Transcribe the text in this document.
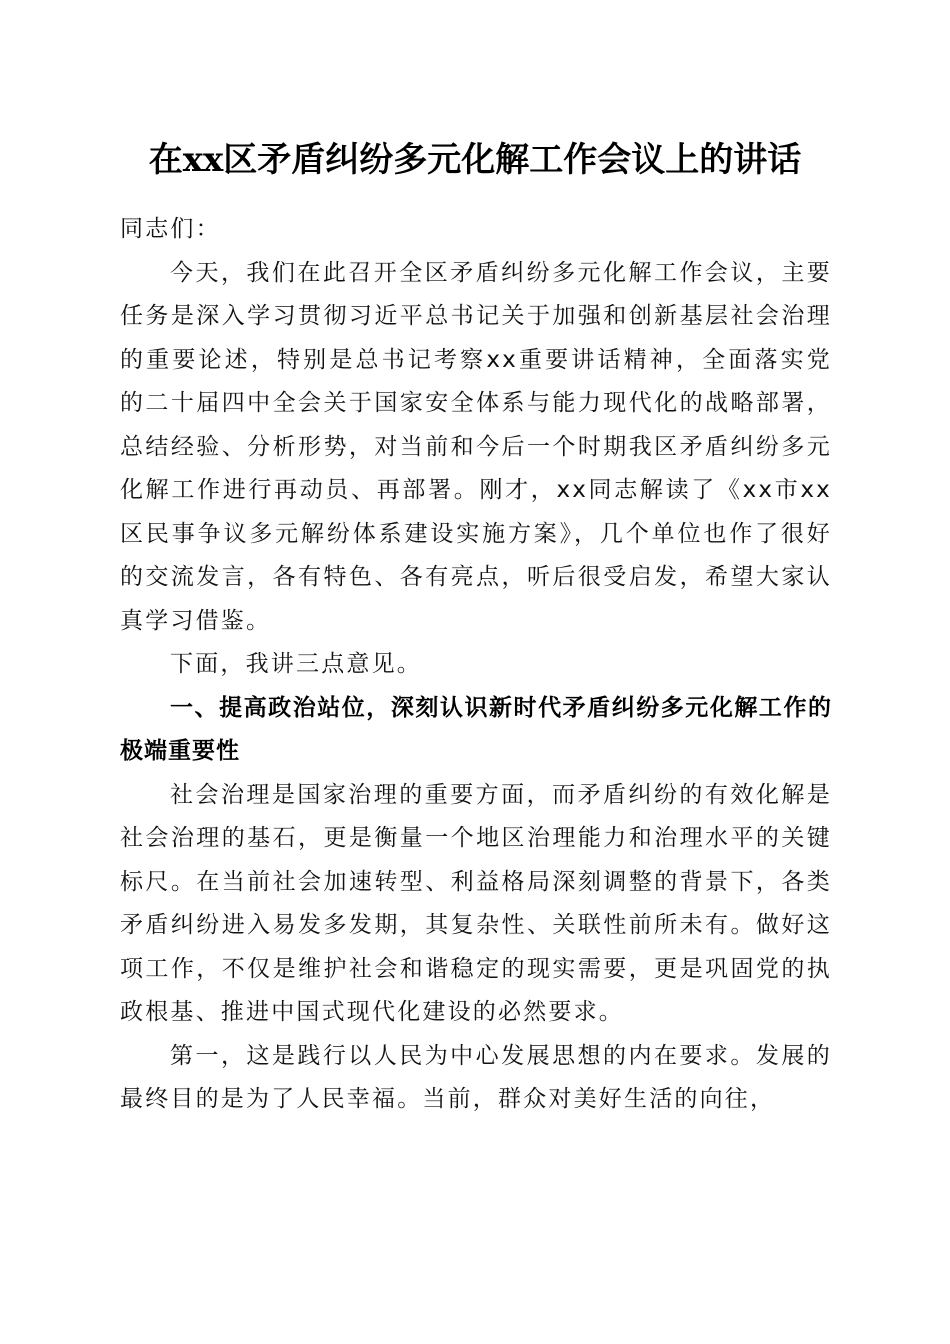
在xx区矛盾纠纷多元化解工作会议上的讲话

同志们：

今天，我们在此召开全区矛盾纠纷多元化解工作会议，主要任务是深入学习贯彻习近平总书记关于加强和创新基层社会治理的重要论述，特别是总书记考察xx重要讲话精神，全面落实党的二十届四中全会关于国家安全体系与能力现代化的战略部署，总结经验、分析形势，对当前和今后一个时期我区矛盾纠纷多元化解工作进行再动员、再部署。刚才，xx同志解读了《xx市xx区民事争议多元解纷体系建设实施方案》，几个单位也作了很好的交流发言，各有特色、各有亮点，听后很受启发，希望大家认真学习借鉴。

下面，我讲三点意见。

一、提高政治站位，深刻认识新时代矛盾纠纷多元化解工作的极端重要性

社会治理是国家治理的重要方面，而矛盾纠纷的有效化解是社会治理的基石，更是衡量一个地区治理能力和治理水平的关键标尺。在当前社会加速转型、利益格局深刻调整的背景下，各类矛盾纠纷进入易发多发期，其复杂性、关联性前所未有。做好这项工作，不仅是维护社会和谐稳定的现实需要，更是巩固党的执政根基、推进中国式现代化建设的必然要求。

第一，这是践行以人民为中心发展思想的内在要求。发展的最终目的是为了人民幸福。当前，群众对美好生活的向往，
